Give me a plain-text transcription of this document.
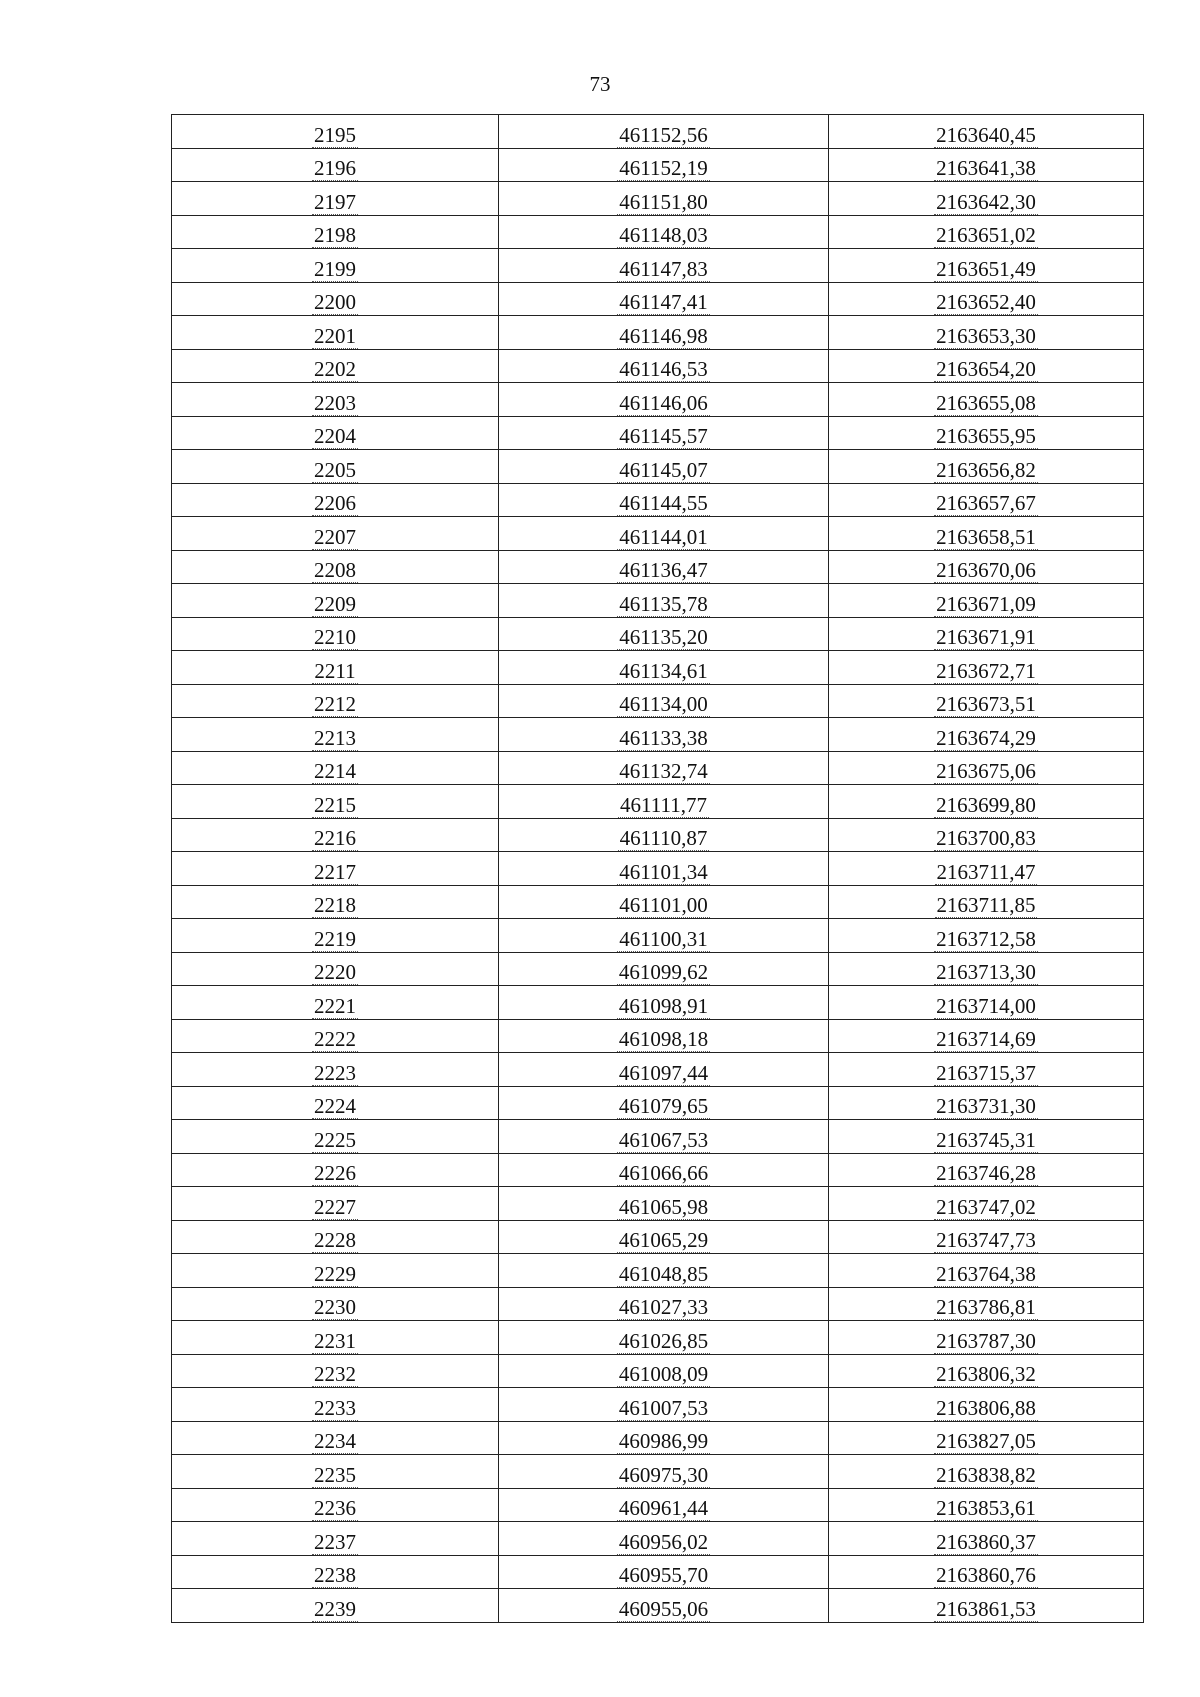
73
2195	461152,56	2163640,45
2196	461152,19	2163641,38
2197	461151,80	2163642,30
2198	461148,03	2163651,02
2199	461147,83	2163651,49
2200	461147,41	2163652,40
2201	461146,98	2163653,30
2202	461146,53	2163654,20
2203	461146,06	2163655,08
2204	461145,57	2163655,95
2205	461145,07	2163656,82
2206	461144,55	2163657,67
2207	461144,01	2163658,51
2208	461136,47	2163670,06
2209	461135,78	2163671,09
2210	461135,20	2163671,91
2211	461134,61	2163672,71
2212	461134,00	2163673,51
2213	461133,38	2163674,29
2214	461132,74	2163675,06
2215	461111,77	2163699,80
2216	461110,87	2163700,83
2217	461101,34	2163711,47
2218	461101,00	2163711,85
2219	461100,31	2163712,58
2220	461099,62	2163713,30
2221	461098,91	2163714,00
2222	461098,18	2163714,69
2223	461097,44	2163715,37
2224	461079,65	2163731,30
2225	461067,53	2163745,31
2226	461066,66	2163746,28
2227	461065,98	2163747,02
2228	461065,29	2163747,73
2229	461048,85	2163764,38
2230	461027,33	2163786,81
2231	461026,85	2163787,30
2232	461008,09	2163806,32
2233	461007,53	2163806,88
2234	460986,99	2163827,05
2235	460975,30	2163838,82
2236	460961,44	2163853,61
2237	460956,02	2163860,37
2238	460955,70	2163860,76
2239	460955,06	2163861,53
